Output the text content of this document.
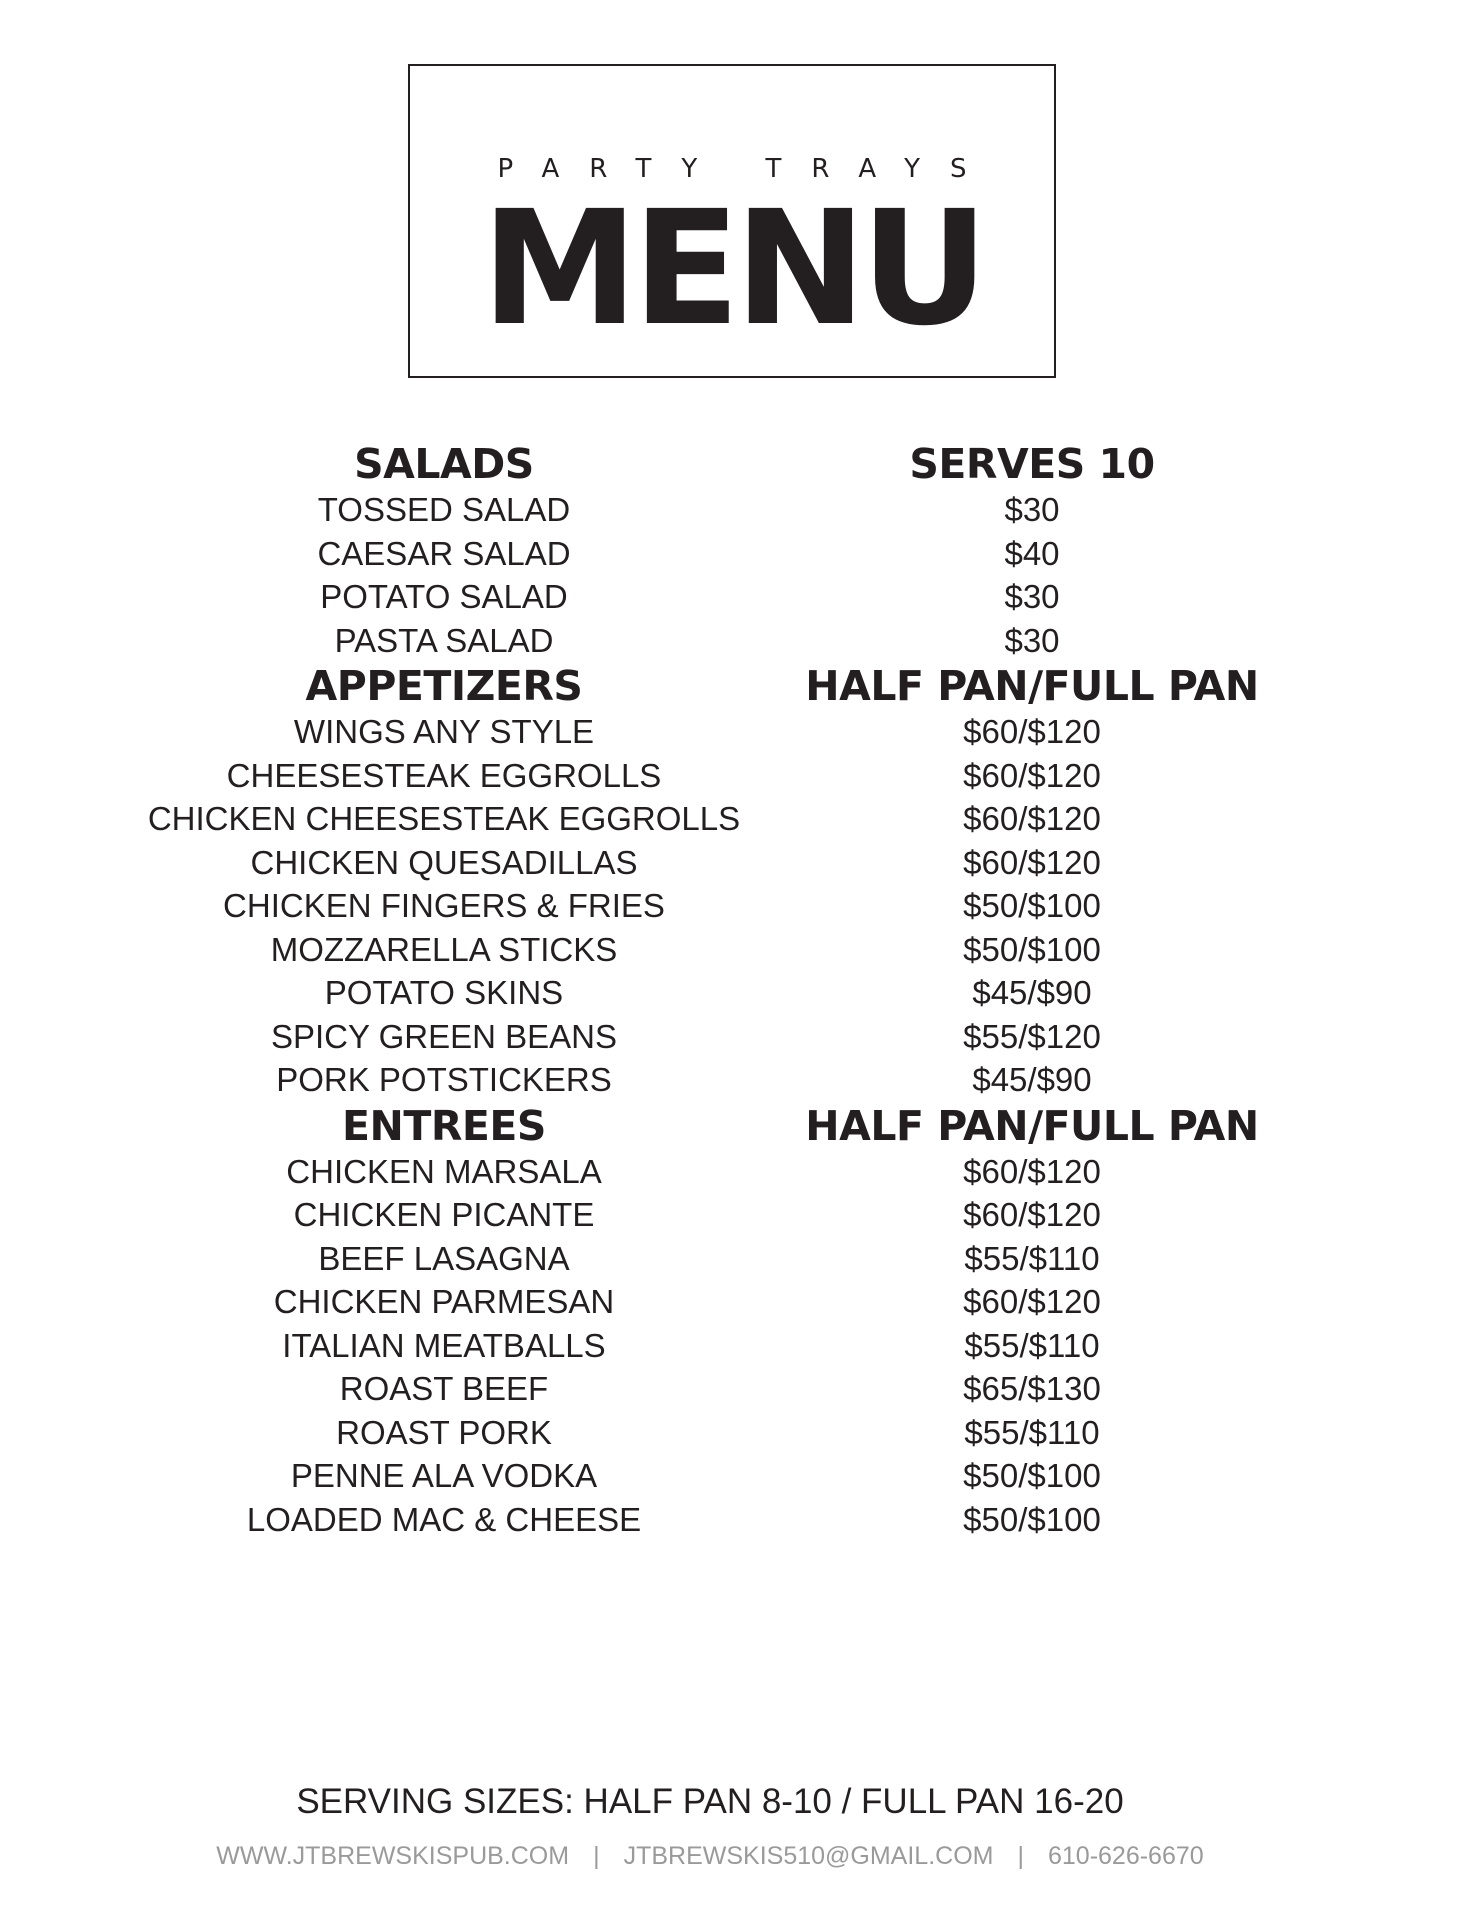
PARTY TRAYS
MENU
SALADS	SERVES 10
TOSSED SALAD	$30
CAESAR SALAD	$40
POTATO SALAD	$30
PASTA SALAD	$30
APPETIZERS	HALF PAN/FULL PAN
WINGS ANY STYLE	$60/$120
CHEESESTEAK EGGROLLS	$60/$120
CHICKEN CHEESESTEAK EGGROLLS	$60/$120
CHICKEN QUESADILLAS	$60/$120
CHICKEN FINGERS & FRIES	$50/$100
MOZZARELLA STICKS	$50/$100
POTATO SKINS	$45/$90
SPICY GREEN BEANS	$55/$120
PORK POTSTICKERS	$45/$90
ENTREES	HALF PAN/FULL PAN
CHICKEN MARSALA	$60/$120
CHICKEN PICANTE	$60/$120
BEEF LASAGNA	$55/$110
CHICKEN PARMESAN	$60/$120
ITALIAN MEATBALLS	$55/$110
ROAST BEEF	$65/$130
ROAST PORK	$55/$110
PENNE ALA VODKA	$50/$100
LOADED MAC & CHEESE	$50/$100
SERVING SIZES: HALF PAN 8-10 / FULL PAN 16-20
WWW.JTBREWSKISPUB.COM | JTBREWSKIS510@GMAIL.COM | 610-626-6670
